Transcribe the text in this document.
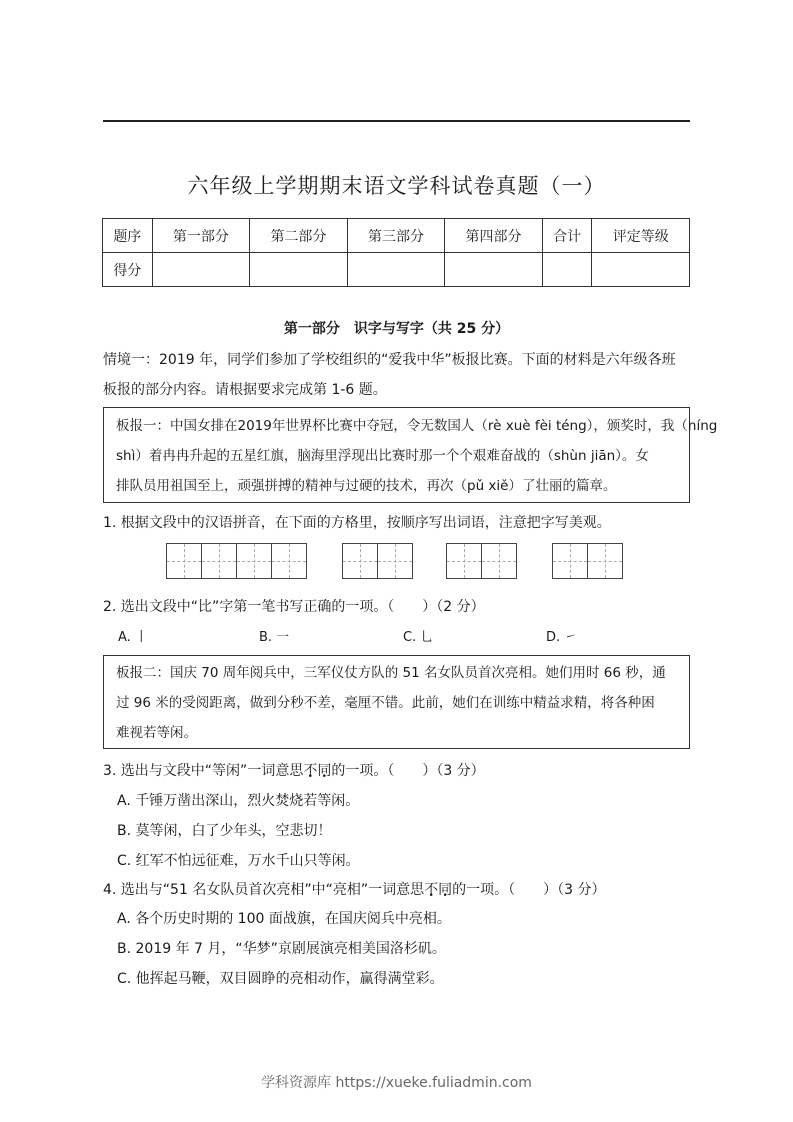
六年级上学期期末语文学科试卷真题（一）
题序	第一部分	第二部分	第三部分	第四部分	合计	评定等级
得分						
第一部分　识字与写字（共 25 分）
情境一：2019 年，同学们参加了学校组织的“爱我中华”板报比赛。下面的材料是六年级各班
板报的部分内容。请根据要求完成第 1-6 题。

板报一：中国女排在2019年世界杯比赛中夺冠，令无数国人（rè xuè fèi téng），颁奖时，我（níng

shì）着冉冉升起的五星红旗，脑海里浮现出比赛时那一个个艰难奋战的（shùn jiān）。女

排队员用祖国至上，顽强拼搏的精神与过硬的技术，再次（pǔ xiě）了壮丽的篇章。

1. 根据文段中的汉语拼音，在下面的方格里，按顺序写出词语，注意把字写美观。
2. 选出文段中“比”字第一笔书写正确的一项。（　　）（2 分）
A. 丨	B. 一	C. 乚	D. ㇀

板报二：国庆 70 周年阅兵中，三军仪仗方队的 51 名女队员首次亮相。她们用时 66 秒，通

过 96 米的受阅距离，做到分秒不差，毫厘不错。此前，她们在训练中精益求精，将各种困

难视若等闲。

3. 选出与文段中“等闲”一词意思不同的一项。（　　）（3 分）
A. 千锤万凿出深山，烈火焚烧若等闲。
B. 莫等闲，白了少年头，空悲切！
C. 红军不怕远征难，万水千山只等闲。
4. 选出与“51 名女队员首次亮相”中“亮相”一词意思不同的一项。（　　）（3 分）
A. 各个历史时期的 100 面战旗，在国庆阅兵中亮相。
B. 2019 年 7 月，“华梦”京剧展演亮相美国洛杉矶。
C. 他挥起马鞭，双目圆睁的亮相动作，赢得满堂彩。
学科资源库 https://xueke.fuliadmin.com
